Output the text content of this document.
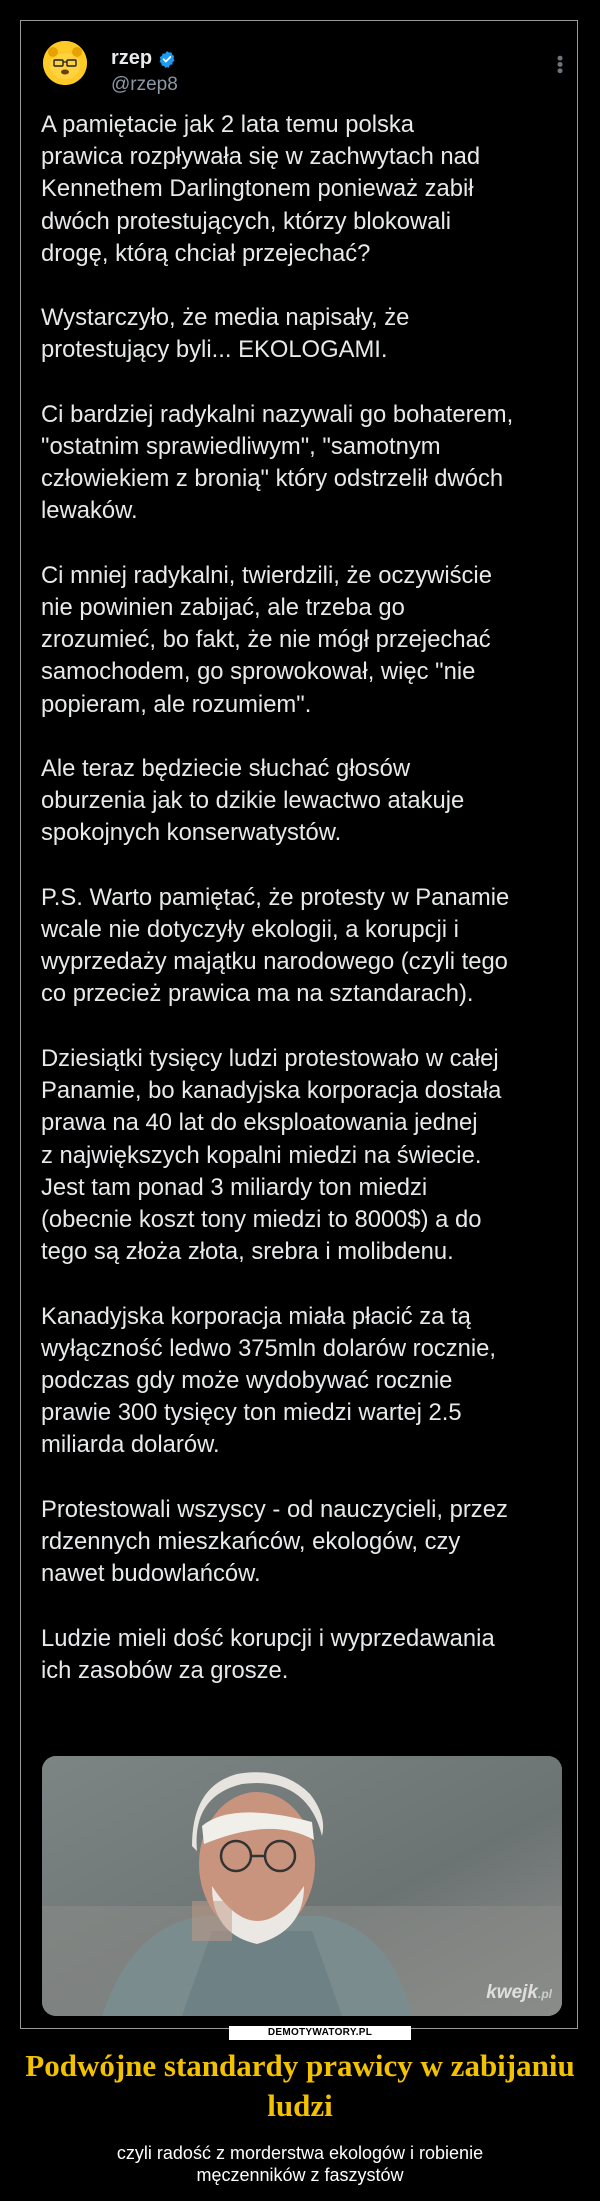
rzep
@rzep8
•••

A pamiętacie jak 2 lata temu polska
prawica rozpływała się w zachwytach nad
Kennethem Darlingtonem ponieważ zabił
dwóch protestujących, którzy blokowali
drogę, którą chciał przejechać?

Wystarczyło, że media napisały, że
protestujący byli... EKOLOGAMI.

Ci bardziej radykalni nazywali go bohaterem,
"ostatnim sprawiedliwym", "samotnym
człowiekiem z bronią" który odstrzelił dwóch
lewaków.

Ci mniej radykalni, twierdzili, że oczywiście
nie powinien zabijać, ale trzeba go
zrozumieć, bo fakt, że nie mógł przejechać
samochodem, go sprowokował, więc "nie
popieram, ale rozumiem".

Ale teraz będziecie słuchać głosów
oburzenia jak to dzikie lewactwo atakuje
spokojnych konserwatystów.

P.S. Warto pamiętać, że protesty w Panamie
wcale nie dotyczyły ekologii, a korupcji i
wyprzedaży majątku narodowego (czyli tego
co przecież prawica ma na sztandarach).

Dziesiątki tysięcy ludzi protestowało w całej
Panamie, bo kanadyjska korporacja dostała
prawa na 40 lat do eksploatowania jednej
z największych kopalni miedzi na świecie.
Jest tam ponad 3 miliardy ton miedzi
(obecnie koszt tony miedzi to 8000$) a do
tego są złoża złota, srebra i molibdenu.

Kanadyjska korporacja miała płacić za tą
wyłączność ledwo 375mln dolarów rocznie,
podczas gdy może wydobywać rocznie
prawie 300 tysięcy ton miedzi wartej 2.5
miliarda dolarów.

Protestowali wszyscy - od nauczycieli, przez
rdzennych mieszkańców, ekologów, czy
nawet budowlańców.

Ludzie mieli dość korupcji i wyprzedawania
ich zasobów za grosze.

kwejk.pl
DEMOTYWATORY.PL
Podwójne standardy prawicy w zabijaniu ludzi

czyli radość z morderstwa ekologów i robienie męczenników z faszystów
